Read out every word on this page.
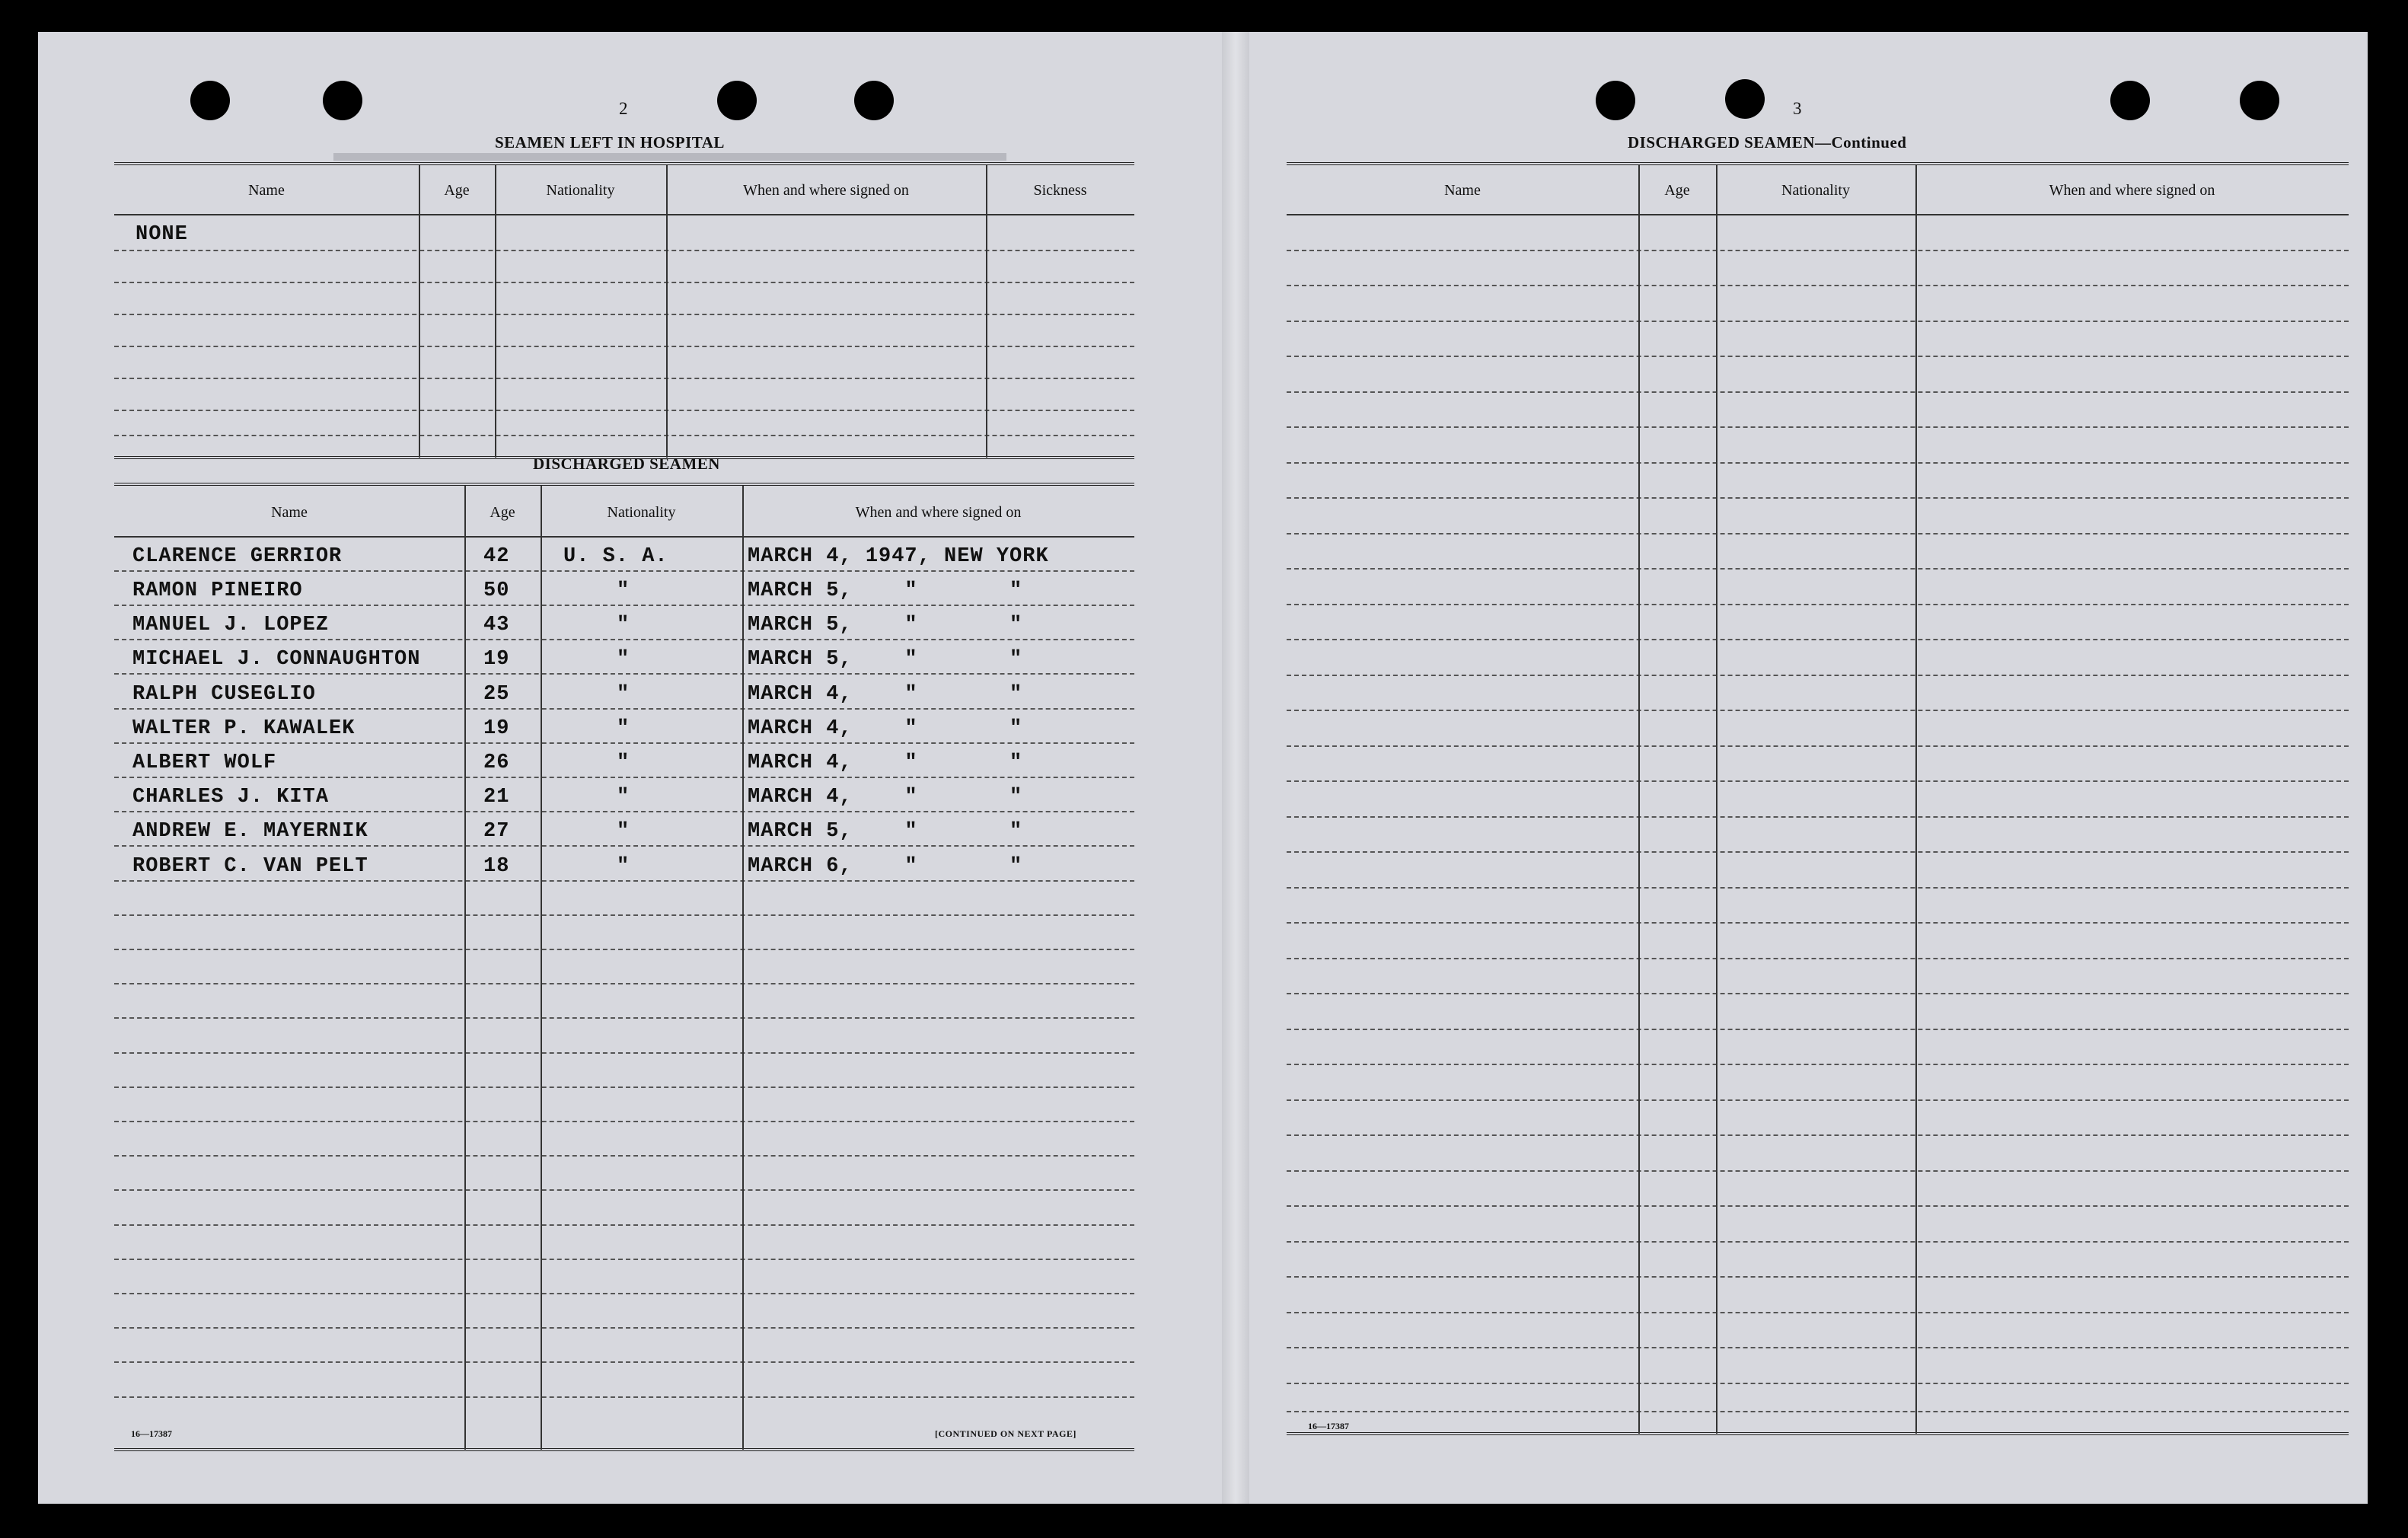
▬▬▬▬▬▬▬▬▬▬▬▬▬▬▬▬▬▬▬▬▬▬▬▬▬▬
2
SEAMEN LEFT IN HOSPITAL
Name	Age	Nationality	When and where signed on	Sickness
NONE
DISCHARGED SEAMEN
Name	Age	Nationality	When and where signed on
CLARENCE GERRIOR	42	U. S. A.	MARCH 4, 1947, NEW YORK
RAMON PINEIRO	50	"	MARCH 5,    "       "
MANUEL J. LOPEZ	43	"	MARCH 5,    "       "
MICHAEL J. CONNAUGHTON	19	"	MARCH 5,    "       "
RALPH CUSEGLIO	25	"	MARCH 4,    "       "
WALTER P. KAWALEK	19	"	MARCH 4,    "       "
ALBERT WOLF	26	"	MARCH 4,    "       "
CHARLES J. KITA	21	"	MARCH 4,    "       "
ANDREW E. MAYERNIK	27	"	MARCH 5,    "       "
ROBERT C. VAN PELT	18	"	MARCH 6,    "       "
16—17387	[CONTINUED ON NEXT PAGE]
3
DISCHARGED SEAMEN—Continued
Name	Age	Nationality	When and where signed on
16—17387
